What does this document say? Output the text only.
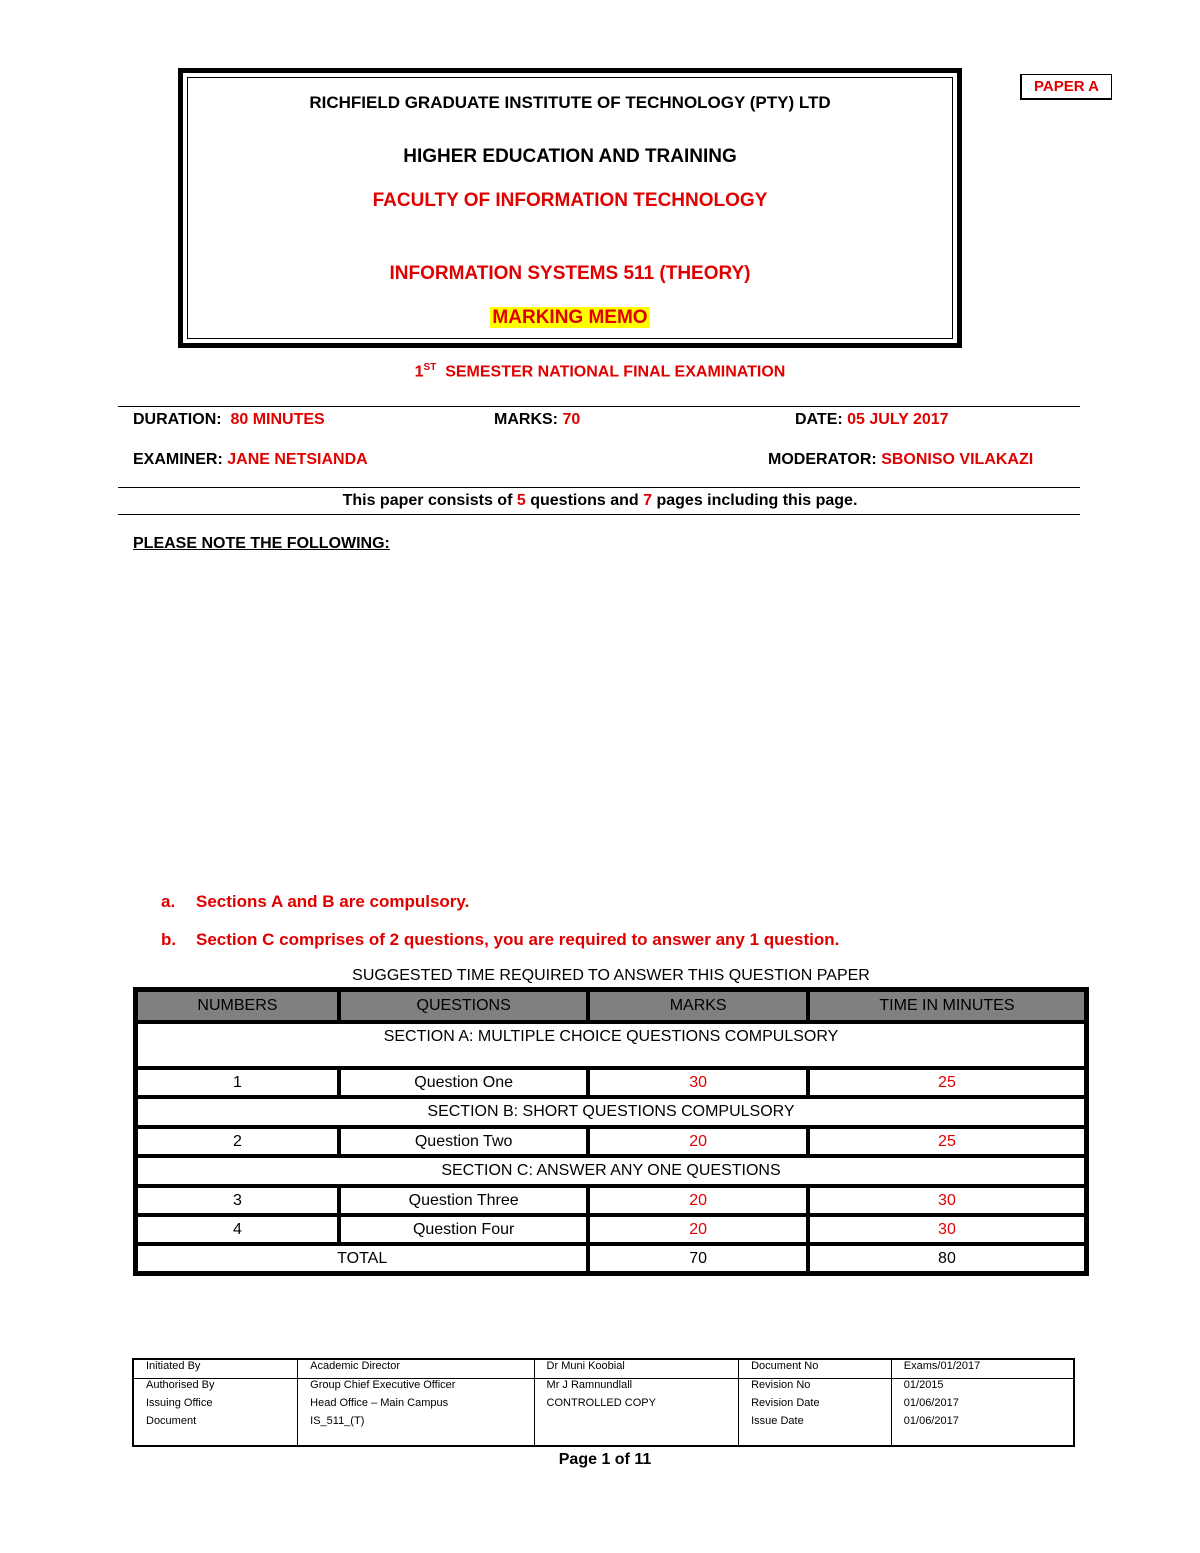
RICHFIELD GRADUATE INSTITUTE OF TECHNOLOGY (PTY) LTD
HIGHER EDUCATION AND TRAINING
FACULTY OF INFORMATION TECHNOLOGY
INFORMATION SYSTEMS 511 (THEORY)
MARKING MEMO
PAPER A
1ST SEMESTER NATIONAL FINAL EXAMINATION
DURATION: 80 MINUTES	MARKS: 70	DATE: 05 JULY 2017
EXAMINER: JANE NETSIANDA	MODERATOR: SBONISO VILAKAZI
This paper consists of 5 questions and 7 pages including this page.
PLEASE NOTE THE FOLLOWING:
a. Sections A and B are compulsory.
b. Section C comprises of 2 questions, you are required to answer any 1 question.
SUGGESTED TIME REQUIRED TO ANSWER THIS QUESTION PAPER
NUMBERS	QUESTIONS	MARKS	TIME IN MINUTES
SECTION A: MULTIPLE CHOICE QUESTIONS COMPULSORY			
1	Question One	30	25
SECTION B: SHORT QUESTIONS COMPULSORY			
2	Question Two	20	25
SECTION C: ANSWER ANY ONE QUESTIONS			
3	Question Three	20	30
4	Question Four	20	30
TOTAL		70	80
Initiated By	Academic Director	Dr Muni Koobial	Document No	Exams/01/2017
Authorised By	Group Chief Executive Officer	Mr J Ramnundlall	Revision No	01/2015
Issuing Office	Head Office – Main Campus	CONTROLLED COPY	Revision Date	01/06/2017
Document	IS_511_(T)		Issue Date	01/06/2017
Page 1 of 11
